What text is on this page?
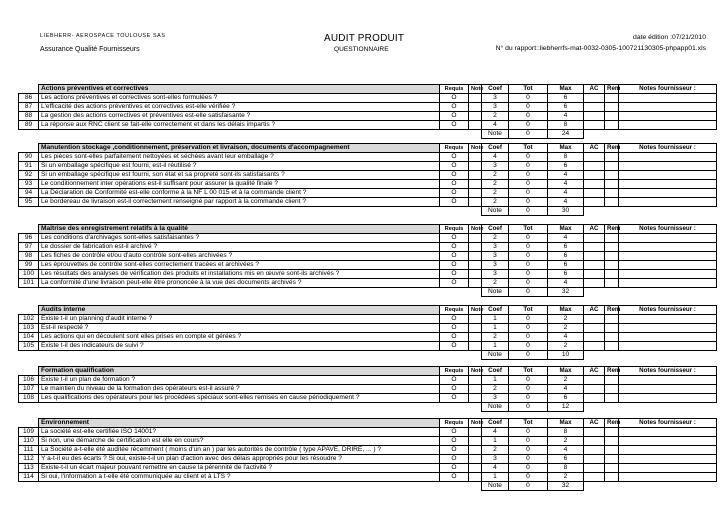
LIEBHERR- AEROSPACE TOULOUSE SAS
Assurance Qualité Fournisseurs
AUDIT PRODUIT
QUESTIONNAIRE
date édition :07/21/2010
N° du rapport::liebherrfs-mat-0032-0305-100721130305-phpapp01.xls
	Actions préventives et correctives	Requis	Note	Coef	Tot	Max	AC	Rem	Notes fournisseur :
86	Les actions préventives et correctives sont-elles formulées ?	O		3	0	6			
87	L'efficacité des actions préventives et correctives est-elle vérifiée ?	O		3	0	6			
88	La gestion des actions correctives et préventives est-elle satisfaisante ?	O		2	0	4			
89	La réponse aux RNC client se fait-elle correctement et dans les délais impartis ?	O		4	0	8			
				Note	0	24			
	Manutention stockage ,conditionnement, préservation et livraison, documents d'accompagnement	Requis	Note	Coef	Tot	Max	AC	Rem	Notes fournisseur :
90	Les pièces sont-elles parfaitement nettoyées et séchées avant leur emballage ?	O		4	0	8			
91	Si un emballage spécifique est fourni, est-il réutilisé ?	O		3	0	6			
92	Si un emballage spécifique est fourni, son état et sa propreté sont-ils satisfaisants ?	O		2	0	4			
93	Le conditionnement inter opérations est-il suffisant pour assurer la qualité finale ?	O		2	0	4			
94	La Déclaration de Conformité est-elle conforme à la NF L 00 015 et à la commande client ?	O		2	0	4			
95	Le bordereau de livraison est-il correctement renseigné par rapport à la commande client ?	O		2	0	4			
				Note	0	30			
	Maîtrise des enregistrement relatifs à la qualité	Requis	Note	Coef	Tot	Max	AC	Rem	Notes fournisseur :
96	Les conditions d'archivages sont-elles satisfaisantes ?	O		2	0	4			
97	Le dossier de fabrication est-il archivé ?	O		3	0	6			
98	Les fiches de contrôle et/ou d'auto contrôle sont-elles archivées ?	O		3	0	6			
99	Les éprouvettes de contrôle sont-elles correctement tracées et archivées ?	O		3	0	6			
100	Les résultats des analyses de vérification des produits et installations mis en œuvre sont-ils archivés ?	O		3	0	6			
101	La conformité d'une livraison peut-elle être prononcée à la vue des documents archivés ?	O		2	0	4			
				Note	0	32			
	Audits interne	Requis	Note	Coef	Tot	Max	AC	Rem	Notes fournisseur :
102	Existe t-il un planning d'audit interne ?	O		1	0	2			
103	Est-il respecté ?	O		1	0	2			
104	Les actions qui en découlent sont elles prises en compte et gérées ?	O		2	0	4			
105	Existe t-il des indicateurs de suivi ?	O		1	0	2			
				Note	0	10			
	Formation qualification	Requis	Note	Coef	Tot	Max	AC	Rem	Notes fournisseur :
106	Existe t-il un plan de formation ?	O		1	0	2			
107	Le maintien du niveau de la formation des opérateurs est-il assuré ?	O		2	0	4			
108	Les qualifications des opérateurs pour les procédées spéciaux sont-elles remises en cause périodiquement ?	O		3	0	6			
				Note	0	12			
	Environnement	Requis	Note	Coef	Tot	Max	AC	Rem	Notes fournisseur :
109	La société est-elle certifiée ISO 14001?	O		4	0	8			
110	Si non, une démarche de certification est elle en cours?	O		1	0	2			
111	La Société a-t-elle été auditée récemment ( moins d'un an ) par les autorités de contrôle ( type APAVE, DRIRE, ... ) ?	O		2	0	4			
112	Y a-t-il eu des écarts ? Si oui, existe-t-il un plan d'action avec des délais appropriés pour les résoudre ?	O		3	0	6			
113	Existe-t-il un écart majeur pouvant remettre en cause la pérennité de l'activité ?	O		4	0	8			
114	Si oui, l'information a t-elle été communiquée au client et à LTS ?	O		1	0	2			
				Note	0	32			
